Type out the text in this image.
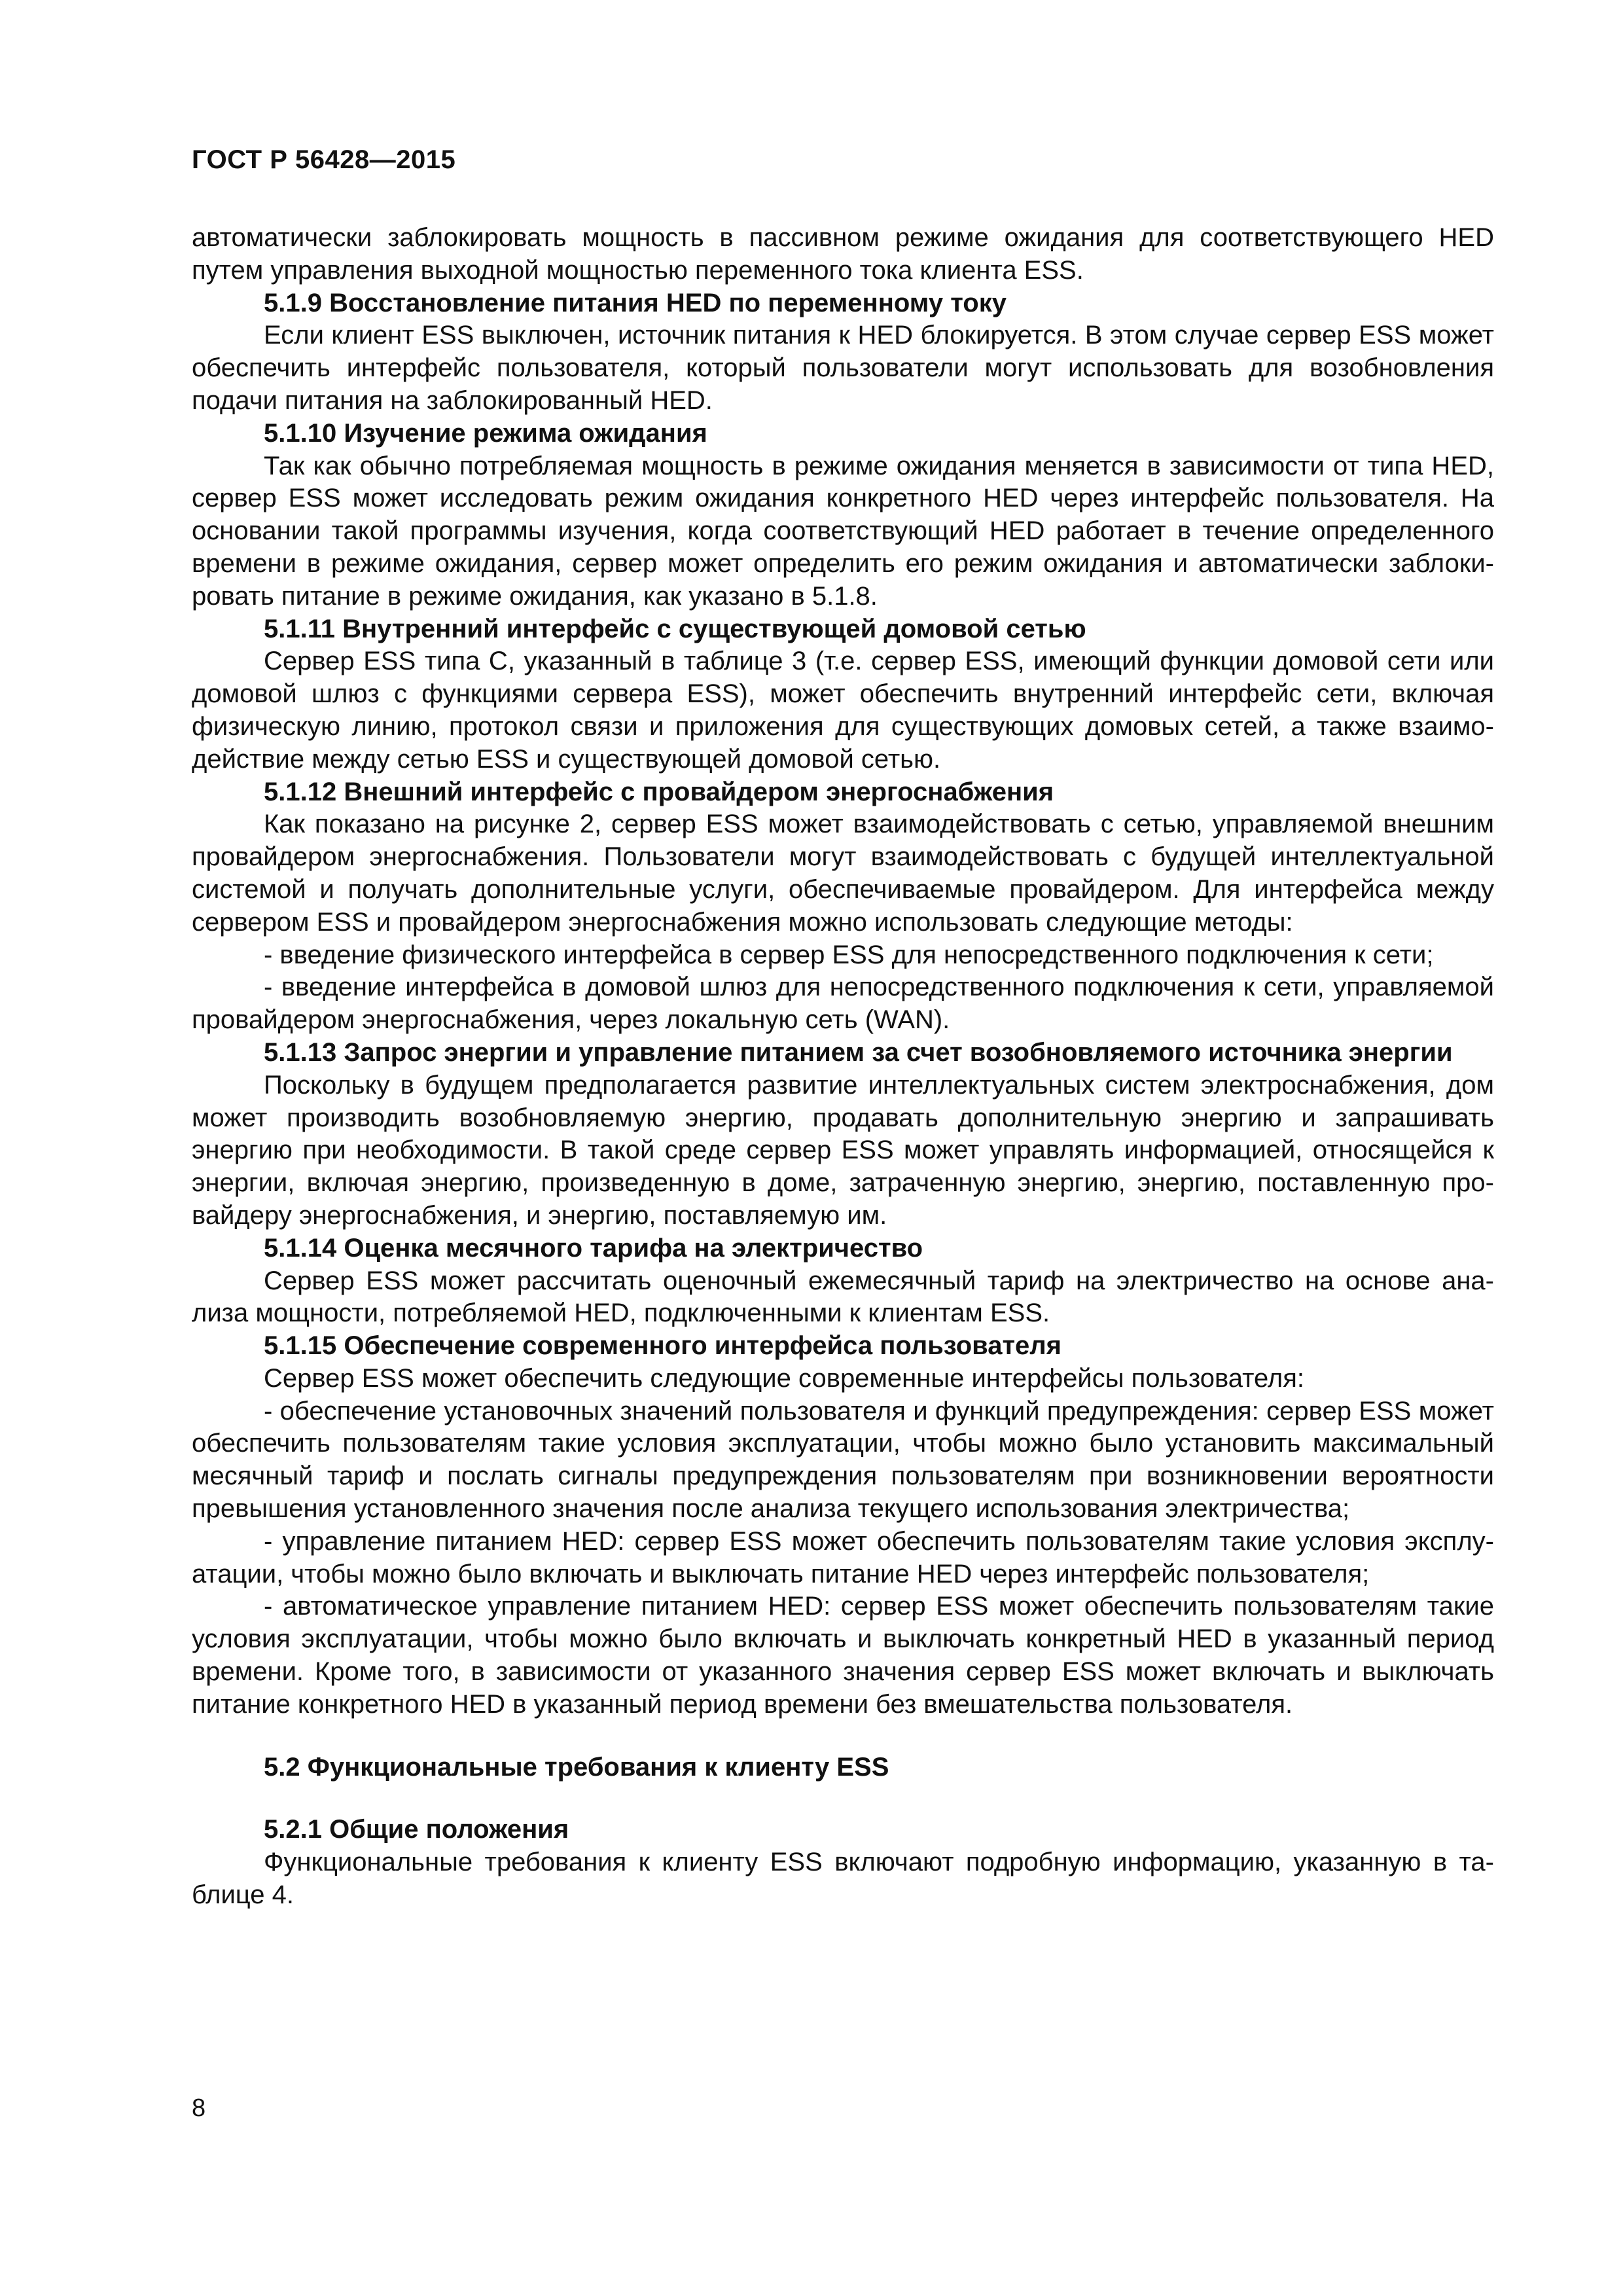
ГОСТ Р 56428—2015

автоматически заблокировать мощность в пассивном режиме ожидания для соответствующего HED путем управления выходной мощностью переменного тока клиента ESS.

5.1.9 Восстановление питания HED по переменному току

Если клиент ESS выключен, источник питания к HED блокируется. В этом случае сервер ESS может обеспечить интерфейс пользователя, который пользователи могут использовать для возобновления подачи питания на заблокированный HED.

5.1.10 Изучение режима ожидания

Так как обычно потребляемая мощность в режиме ожидания меняется в зависимости от типа HED, сервер ESS может исследовать режим ожидания конкретного HED через интерфейс пользователя. На основании такой программы изучения, когда соответствующий HED работает в течение определенного времени в режиме ожидания, сервер может определить его режим ожидания и автоматически заблокировать питание в режиме ожидания, как указано в 5.1.8.

5.1.11 Внутренний интерфейс с существующей домовой сетью

Сервер ESS типа С, указанный в таблице 3 (т.е. сервер ESS, имеющий функции домовой сети или домовой шлюз с функциями сервера ESS), может обеспечить внутренний интерфейс сети, включая физическую линию, протокол связи и приложения для существующих домовых сетей, а также взаимодействие между сетью ESS и существующей домовой сетью.

5.1.12 Внешний интерфейс с провайдером энергоснабжения

Как показано на рисунке 2, сервер ESS может взаимодействовать с сетью, управляемой внешним провайдером энергоснабжения. Пользователи могут взаимодействовать с будущей интеллектуальной системой и получать дополнительные услуги, обеспечиваемые провайдером. Для интерфейса между сервером ESS и провайдером энергоснабжения можно использовать следующие методы:

- введение физического интерфейса в сервер ESS для непосредственного подключения к сети;

- введение интерфейса в домовой шлюз для непосредственного подключения к сети, управляемой провайдером энергоснабжения, через локальную сеть (WAN).

5.1.13 Запрос энергии и управление питанием за счет возобновляемого источника энергии

Поскольку в будущем предполагается развитие интеллектуальных систем электроснабжения, дом может производить возобновляемую энергию, продавать дополнительную энергию и запрашивать энергию при необходимости. В такой среде сервер ESS может управлять информацией, относящейся к энергии, включая энергию, произведенную в доме, затраченную энергию, энергию, поставленную провайдеру энергоснабжения, и энергию, поставляемую им.

5.1.14 Оценка месячного тарифа на электричество

Сервер ESS может рассчитать оценочный ежемесячный тариф на электричество на основе анализа мощности, потребляемой HED, подключенными к клиентам ESS.

5.1.15 Обеспечение современного интерфейса пользователя

Сервер ESS может обеспечить следующие современные интерфейсы пользователя:

- обеспечение установочных значений пользователя и функций предупреждения: сервер ESS может обеспечить пользователям такие условия эксплуатации, чтобы можно было установить максимальный месячный тариф и послать сигналы предупреждения пользователям при возникновении вероятности превышения установленного значения после анализа текущего использования электричества;

- управление питанием HED: сервер ESS может обеспечить пользователям такие условия эксплуатации, чтобы можно было включать и выключать питание HED через интерфейс пользователя;

- автоматическое управление питанием HED: сервер ESS может обеспечить пользователям такие условия эксплуатации, чтобы можно было включать и выключать конкретный HED в указанный период времени. Кроме того, в зависимости от указанного значения сервер ESS может включать и выключать питание конкретного HED в указанный период времени без вмешательства пользователя.

5.2 Функциональные требования к клиенту ESS
5.2.1 Общие положения

Функциональные требования к клиенту ESS включают подробную информацию, указанную в таблице 4.

8
